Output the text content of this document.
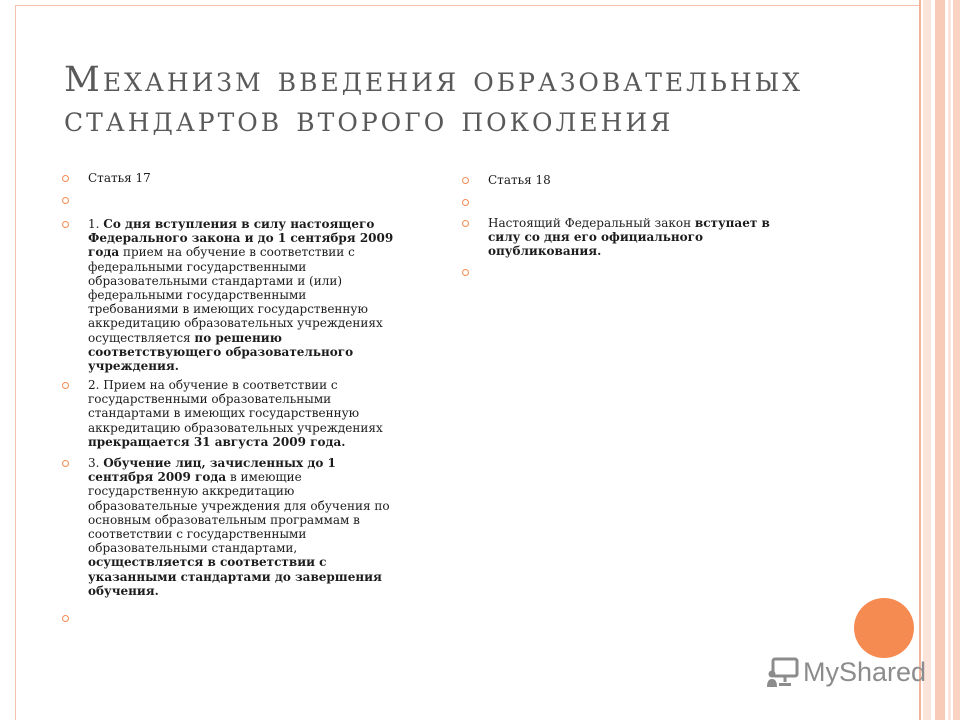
Механизм введения образовательных
стандартов второго поколения
Статья 17
1. Со дня вступления в силу настоящего
Федерального закона и до 1 сентября 2009
года прием на обучение в соответствии с
федеральными государственными
образовательными стандартами и (или)
федеральными государственными
требованиями в имеющих государственную
аккредитацию образовательных учреждениях
осуществляется по решению
соответствующего образовательного
учреждения.
2. Прием на обучение в соответствии с
государственными образовательными
стандартами в имеющих государственную
аккредитацию образовательных учреждениях
прекращается 31 августа 2009 года.
3. Обучение лиц, зачисленных до 1
сентября 2009 года в имеющие
государственную аккредитацию
образовательные учреждения для обучения по
основным образовательным программам в
соответствии с государственными
образовательными стандартами,
осуществляется в соответствии с
указанными стандартами до завершения
обучения.
Статья 18
Настоящий Федеральный закон вступает в
силу со дня его официального
опубликования.
MyShared
